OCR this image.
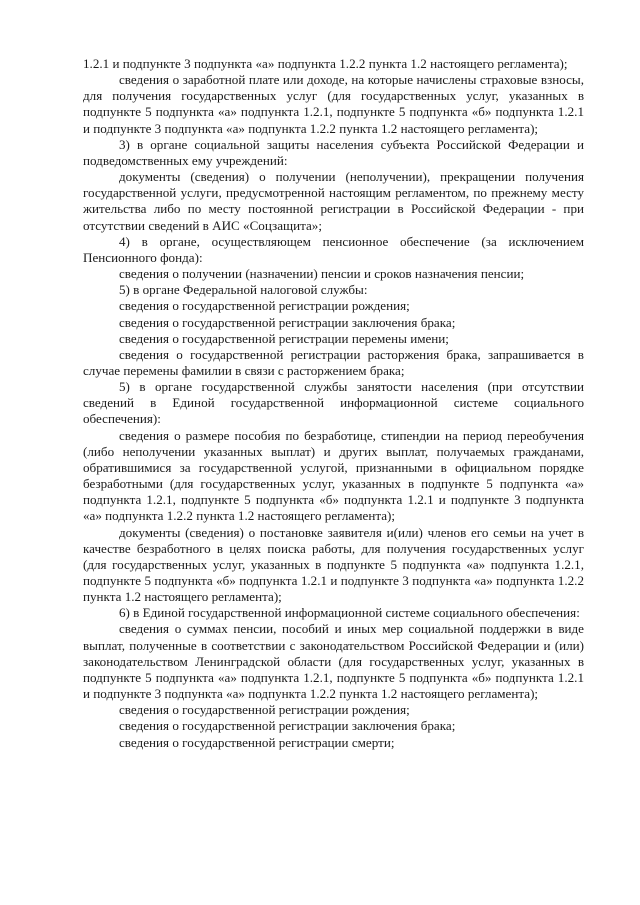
1.2.1 и подпункте 3 подпункта «а» подпункта 1.2.2 пункта 1.2 настоящего регламента);

сведения о заработной плате или доходе, на которые начислены страховые взносы, для получения государственных услуг (для государственных услуг, указанных в подпункте 5 подпункта «а» подпункта 1.2.1, подпункте 5 подпункта «б» подпункта 1.2.1 и подпункте 3 подпункта «а» подпункта 1.2.2 пункта 1.2 настоящего регламента);

3) в органе социальной защиты населения субъекта Российской Федерации и подведомственных ему учреждений:

документы (сведения) о получении (неполучении), прекращении получения государственной услуги, предусмотренной настоящим регламентом, по прежнему месту жительства либо по месту постоянной регистрации в Российской Федерации - при отсутствии сведений в АИС «Соцзащита»;

4) в органе, осуществляющем пенсионное обеспечение (за исключением Пенсионного фонда):

сведения о получении (назначении) пенсии и сроков назначения пенсии;

5) в органе Федеральной налоговой службы:

сведения о государственной регистрации рождения;

сведения о государственной регистрации заключения брака;

сведения о государственной регистрации перемены имени;

сведения о государственной регистрации расторжения брака, запрашивается в случае перемены фамилии в связи с расторжением брака;

5) в органе государственной службы занятости населения (при отсутствии сведений в Единой государственной информационной системе социального обеспечения):

сведения о размере пособия по безработице, стипендии на период переобучения (либо неполучении указанных выплат) и других выплат, получаемых гражданами, обратившимися за государственной услугой, признанными в официальном порядке безработными (для государственных услуг, указанных в подпункте 5 подпункта «а» подпункта 1.2.1, подпункте 5 подпункта «б» подпункта 1.2.1 и подпункте 3 подпункта «а» подпункта 1.2.2 пункта 1.2 настоящего регламента);

документы (сведения) о постановке заявителя и(или) членов его семьи на учет в качестве безработного в целях поиска работы, для получения государственных услуг (для государственных услуг, указанных в подпункте 5 подпункта «а» подпункта 1.2.1, подпункте 5 подпункта «б» подпункта 1.2.1 и подпункте 3 подпункта «а» подпункта 1.2.2 пункта 1.2 настоящего регламента);

6) в Единой государственной информационной системе социального обеспечения:

сведения о суммах пенсии, пособий и иных мер социальной поддержки в виде выплат, полученные в соответствии с законодательством Российской Федерации и (или) законодательством Ленинградской области (для государственных услуг, указанных в подпункте 5 подпункта «а» подпункта 1.2.1, подпункте 5 подпункта «б» подпункта 1.2.1 и подпункте 3 подпункта «а» подпункта 1.2.2 пункта 1.2 настоящего регламента);

сведения о государственной регистрации рождения;

сведения о государственной регистрации заключения брака;

сведения о государственной регистрации смерти;
